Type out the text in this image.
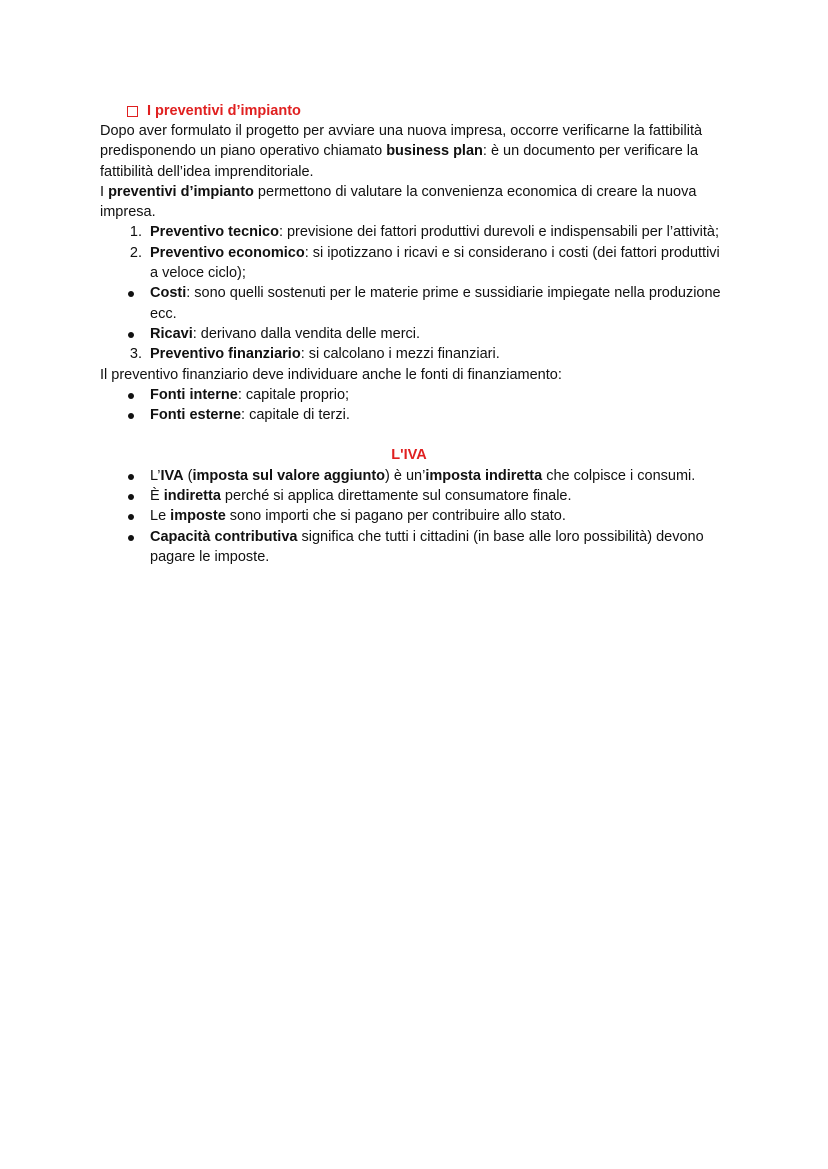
I preventivi d’impianto

Dopo aver formulato il progetto per avviare una nuova impresa, occorre verificarne la fattibilità predisponendo un piano operativo chiamato business plan: è un documento per verificare la fattibilità dell’idea imprenditoriale.

I preventivi d’impianto permettono di valutare la convenienza economica di creare la nuova impresa.

1. Preventivo tecnico: previsione dei fattori produttivi durevoli e indispensabili per l’attività;
2. Preventivo economico: si ipotizzano i ricavi e si considerano i costi (dei fattori produttivi a veloce ciclo);
Costi: sono quelli sostenuti per le materie prime e sussidiarie impiegate nella produzione ecc.
Ricavi: derivano dalla vendita delle merci.
3. Preventivo finanziario: si calcolano i mezzi finanziari.

Il preventivo finanziario deve individuare anche le fonti di finanziamento:

Fonti interne: capitale proprio;
Fonti esterne: capitale di terzi.
L'IVA
L’IVA (imposta sul valore aggiunto) è un’imposta indiretta che colpisce i consumi.
È indiretta perché si applica direttamente sul consumatore finale.
Le imposte sono importi che si pagano per contribuire allo stato.
Capacità contributiva significa che tutti i cittadini (in base alle loro possibilità) devono pagare le imposte.
